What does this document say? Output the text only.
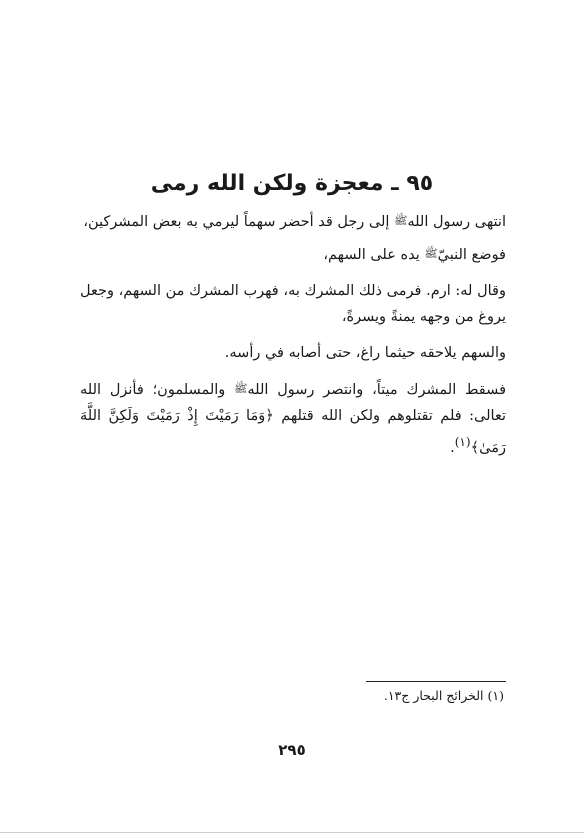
٩٥ ـ معجزة ولكن الله رمى

انتهى رسول اللهﷺ إلى رجل قد أحضر سهماً ليرمي به بعض المشركين،

فوضع النبيّﷺ يده على السهم،

وقال له: ارم. فرمى ذلك المشرك به، فهرب المشرك من السهم، وجعل يروغ من وجهه يمنةً ويسرةً،

والسهم يلاحقه حيثما راغ، حتى أصابه في رأسه.

فسقط المشرك ميتاً، وانتصر رسول اللهﷺ والمسلمون؛ فأنزل الله تعالى: فلم تقتلوهم ولكن الله قتلهم ﴿وَمَا رَمَيْتَ إِذْ رَمَيْتَ وَلَكِنَّ اللَّهَ رَمَىٰ﴾$^{(١)}$.

(١) الخرائج البحار ج١٣.

٢٩٥
